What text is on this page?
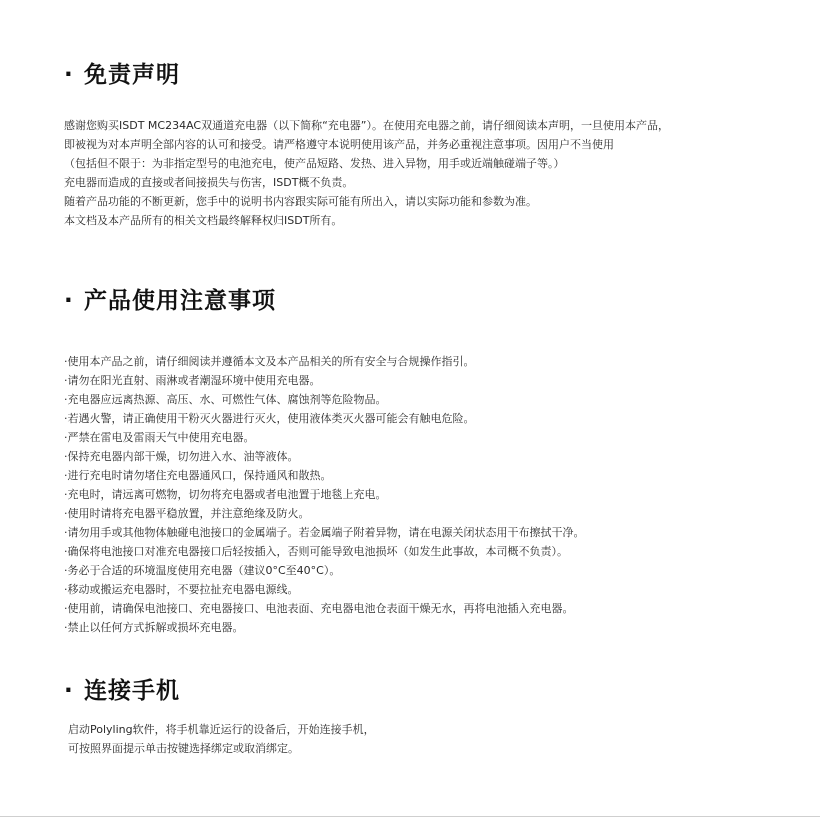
· 免责声明
感谢您购买ISDT MC234AC双通道充电器（以下简称“充电器”）。在使用充电器之前，请仔细阅读本声明，一旦使用本产品，
即被视为对本声明全部内容的认可和接受。请严格遵守本说明使用该产品，并务必重视注意事项。因用户不当使用
（包括但不限于：为非指定型号的电池充电，使产品短路、发热、进入异物，用手或近端触碰端子等。）
充电器而造成的直接或者间接损失与伤害，ISDT概不负责。
随着产品功能的不断更新，您手中的说明书内容跟实际可能有所出入，请以实际功能和参数为准。
本文档及本产品所有的相关文档最终解释权归ISDT所有。
· 产品使用注意事项
·使用本产品之前，请仔细阅读并遵循本文及本产品相关的所有安全与合规操作指引。
·请勿在阳光直射、雨淋或者潮湿环境中使用充电器。
·充电器应远离热源、高压、水、可燃性气体、腐蚀剂等危险物品。
·若遇火警，请正确使用干粉灭火器进行灭火，使用液体类灭火器可能会有触电危险。
·严禁在雷电及雷雨天气中使用充电器。
·保持充电器内部干燥，切勿进入水、油等液体。
·进行充电时请勿堵住充电器通风口，保持通风和散热。
·充电时，请远离可燃物，切勿将充电器或者电池置于地毯上充电。
·使用时请将充电器平稳放置，并注意绝缘及防火。
·请勿用手或其他物体触碰电池接口的金属端子。若金属端子附着异物，请在电源关闭状态用干布擦拭干净。
·确保将电池接口对准充电器接口后轻按插入，否则可能导致电池损坏（如发生此事故，本司概不负责）。
·务必于合适的环境温度使用充电器（建议0°C至40°C）。
·移动或搬运充电器时，不要拉扯充电器电源线。
·使用前，请确保电池接口、充电器接口、电池表面、充电器电池仓表面干燥无水，再将电池插入充电器。
·禁止以任何方式拆解或损坏充电器。
· 连接手机
启动Polyling软件，将手机靠近运行的设备后，开始连接手机，
可按照界面提示单击按键选择绑定或取消绑定。
